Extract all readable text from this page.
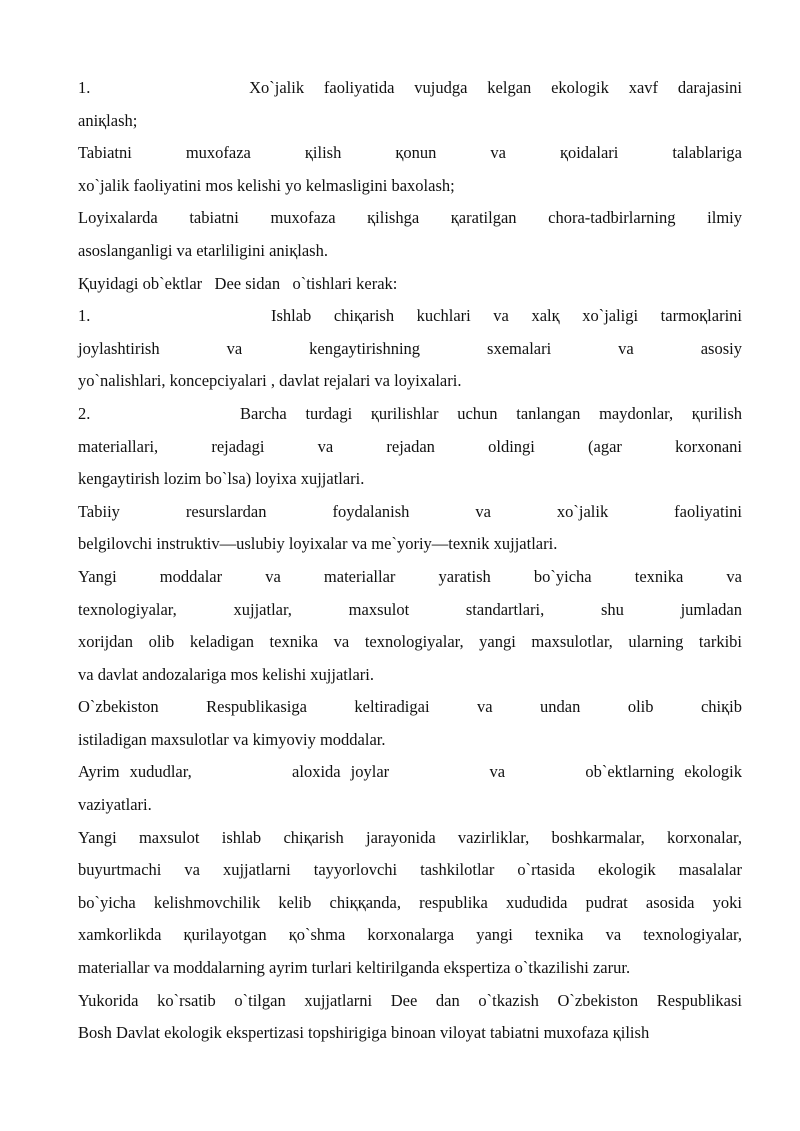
1.        Xo`jalik faoliyatida vujudga kelgan ekologik xavf darajasini
aniқlash;
Tabiatni muxofaza қilish қonun va қoidalari talablariga
xo`jalik faoliyatini mos kelishi yo kelmasligini baxolash;
Loyixalarda tabiatni muxofaza қilishga қaratilgan chora-tadbirlarning ilmiy
asoslanganligi va etarliligini aniқlash.
Қuyidagi ob`ektlar   Dee sidan   o`tishlari kerak:
1.        Ishlab chiқarish kuchlari va xalқ xo`jaligi tarmoқlarini
joylashtirish va kengaytirishning sxemalari va asosiy
yo`nalishlari, koncepciyalari , davlat rejalari va loyixalari.
2.        Barcha turdagi қurilishlar uchun tanlangan maydonlar, қurilish
materiallari, rejadagi va rejadan oldingi (agar korxonani
kengaytirish lozim bo`lsa) loyixa xujjatlari.
Tabiiy resurslardan foydalanish va xo`jalik faoliyatini
belgilovchi instruktiv—uslubiy loyixalar va me`yoriy—texnik xujjatlari.
Yangi moddalar va materiallar yaratish bo`yicha texnika va
texnologiyalar, xujjatlar, maxsulot standartlari, shu jumladan
xorijdan olib keladigan texnika va texnologiyalar, yangi maxsulotlar, ularning tarkibi
va davlat andozalariga mos kelishi xujjatlari.
O`zbekiston Respublikasiga keltiradigai va undan olib chiқib
istiladigan maxsulotlar va kimyoviy moddalar.
Ayrim xududlar,          aloxida joylar          va        ob`ektlarning ekologik
vaziyatlari.
Yangi maxsulot ishlab chiқarish jarayonida vazirliklar, boshkarmalar, korxonalar,
buyurtmachi va xujjatlarni tayyorlovchi tashkilotlar o`rtasida ekologik masalalar
bo`yicha kelishmovchilik kelib chiққanda, respublika xududida pudrat asosida yoki
xamkorlikda қurilayotgan қo`shma korxonalarga yangi texnika va texnologiyalar,
materiallar va moddalarning ayrim turlari keltirilganda ekspertiza o`tkazilishi zarur.
Yukorida ko`rsatib o`tilgan xujjatlarni Dee dan o`tkazish O`zbekiston Respublikasi
Bosh Davlat ekologik ekspertizasi topshirigiga binoan viloyat tabiatni muxofaza қilish
